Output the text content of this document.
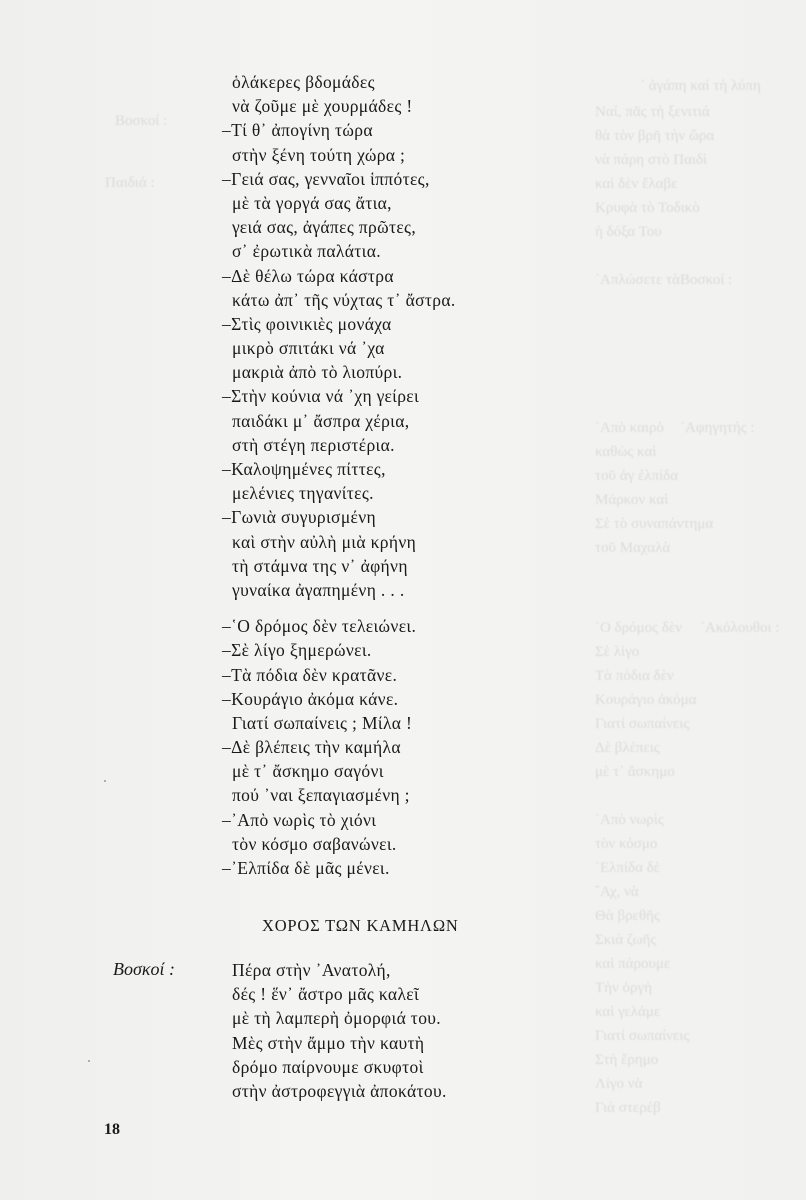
᾽ ἀγάπη καὶ τὴ λύπη
Ναί, πᾶς τὴ ξενιτιά
Βοσκοί :
θὰ τὸν βρῆ τὴν ὥρα
νὰ πάρη στὸ Παιδὶ
Παιδιά :	καὶ δὲν ἔλαβε
Κρυφὰ τὸ Τοδικὸ
ἡ δόξα Του
᾽Απλώσετε τὰ Βοσκοί :
᾽Απὸ καιρὸ ᾽Αφηγητής :
καθὼς καὶ
τοῦ ἀγ ἐλπίδα
Μάρκον καὶ
Σὲ τὸ συναπάντημα
τοῦ Μαχαλὰ
῾Ο δρόμος δὲν ᾽Ακόλουθοι :
Σὲ λίγο
Τὰ πόδια δὲν
Κουράγιο ἀκόμα
Γιατί σωπαίνεις
Δὲ βλέπεις
μὲ τ᾽ ἄσκημο
᾽Απὸ νωρὶς
τὸν κόσμο
᾽Ελπίδα δὲ
῎Αχ, νὰ
Θὰ βρεθῆς
Σκιὰ ζωῆς
καὶ πάρουμε
Τὴν ὀργὴ
καὶ γελάμε
Γιατί σωπαίνεις
Στὴ ἔρημο
Λίγο νὰ
Γιὰ στερέβ
ὁλάκερες βδομάδες
νὰ ζοῦμε μὲ χουρμάδες !
–Τί θ᾽ ἀπογίνη τώρα
στὴν ξένη τούτη χώρα ;
–Γειά σας, γενναῖοι ἱππότες,
μὲ τὰ γοργά σας ἄτια,
γειά σας, ἀγάπες πρῶτες,
σ᾽ ἐρωτικὰ παλάτια.
–Δὲ θέλω τώρα κάστρα
κάτω ἀπ᾽ τῆς νύχτας τ᾽ ἄστρα.
–Στὶς φοινικιὲς μονάχα
μικρὸ σπιτάκι νά ᾽χα
μακριὰ ἀπὸ τὸ λιοπύρι.
–Στὴν κούνια νά ᾽χη γείρει
παιδάκι μ᾽ ἄσπρα χέρια,
στὴ στέγη περιστέρια.
–Καλοψημένες πίττες,
μελένιες τηγανίτες.
–Γωνιὰ συγυρισμένη
καὶ στὴν αὐλὴ μιὰ κρήνη
τὴ στάμνα της ν᾽ ἀφήνη
γυναίκα ἀγαπημένη . . .
–῾Ο δρόμος δὲν τελειώνει.
–Σὲ λίγο ξημερώνει.
–Τὰ πόδια δὲν κρατᾶνε.
–Κουράγιο ἀκόμα κάνε.
Γιατί σωπαίνεις ; Μίλα !
–Δὲ βλέπεις τὴν καμήλα
μὲ τ᾽ ἄσκημο σαγόνι
πού ᾽ναι ξεπαγιασμένη ;
–᾽Απὸ νωρὶς τὸ χιόνι
τὸν κόσμο σαβανώνει.
–᾽Ελπίδα δὲ μᾶς μένει.
ΧΟΡΟΣ ΤΩΝ ΚΑΜΗΛΩΝ
Βοσκοί :	Πέρα στὴν ᾽Ανατολή,
δές ! ἕν᾽ ἄστρο μᾶς καλεῖ
μὲ τὴ λαμπερὴ ὀμορφιά του.
Μὲς στὴν ἄμμο τὴν καυτὴ
δρόμο παίρνουμε σκυφτοὶ
στὴν ἀστροφεγγιὰ ἀποκάτου.
18
